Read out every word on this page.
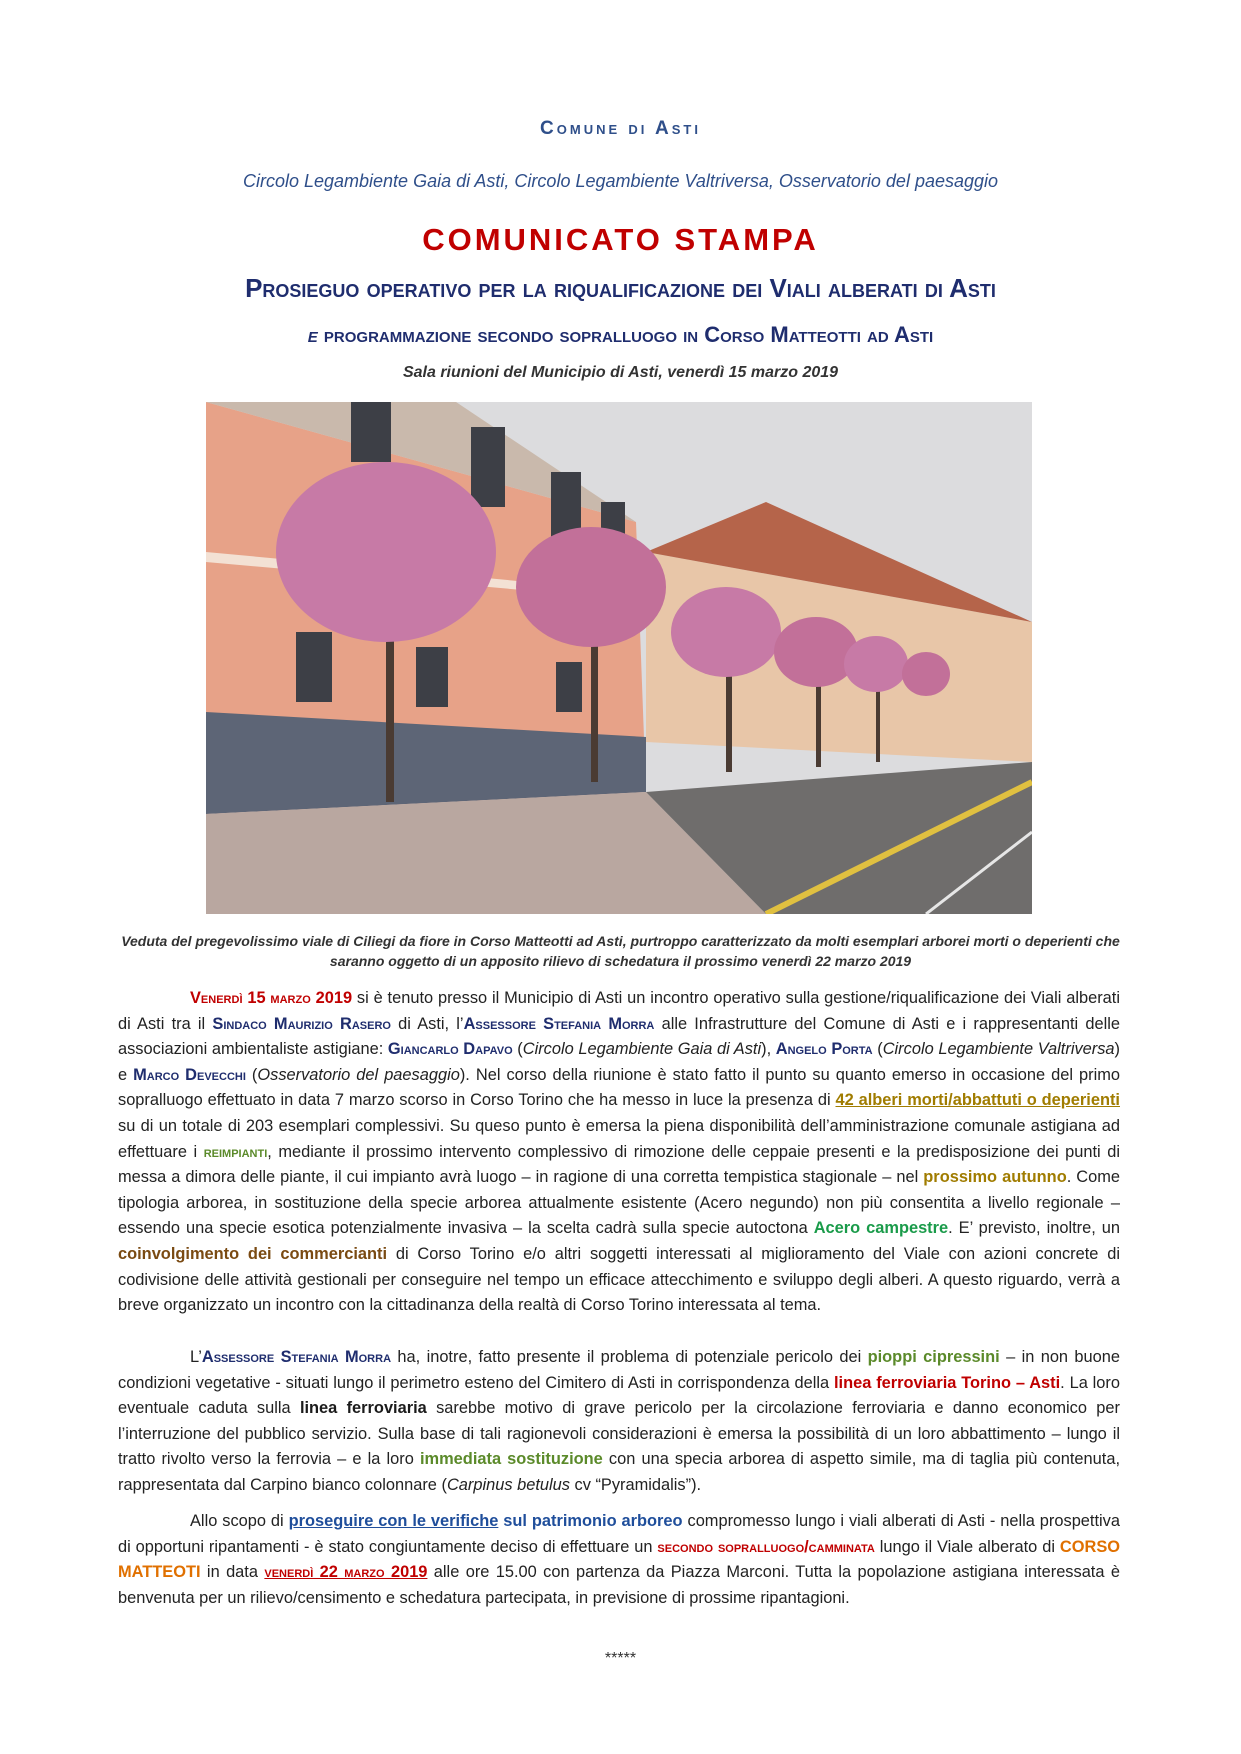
Comune di Asti
Circolo Legambiente Gaia di Asti, Circolo Legambiente Valtriversa, Osservatorio del paesaggio
COMUNICATO STAMPA
Prosieguo operativo per la riqualificazione dei Viali alberati di Asti
e programmazione secondo sopralluogo in Corso Matteotti ad Asti
Sala riunioni del Municipio di Asti, venerdì 15 marzo 2019
Veduta del pregevolissimo viale di Ciliegi da fiore in Corso Matteotti ad Asti, purtroppo caratterizzato da molti esemplari arborei morti o deperienti che saranno oggetto di un apposito rilievo di schedatura il prossimo venerdì 22 marzo 2019
Venerdì 15 marzo 2019 si è tenuto presso il Municipio di Asti un incontro operativo sulla gestione/riqualificazione dei Viali alberati di Asti tra il Sindaco Maurizio Rasero di Asti, l’Assessore Stefania Morra alle Infrastrutture del Comune di Asti e i rappresentanti delle associazioni ambientaliste astigiane: Giancarlo Dapavo (Circolo Legambiente Gaia di Asti), Angelo Porta (Circolo Legambiente Valtriversa) e Marco Devecchi (Osservatorio del paesaggio). Nel corso della riunione è stato fatto il punto su quanto emerso in occasione del primo sopralluogo effettuato in data 7 marzo scorso in Corso Torino che ha messo in luce la presenza di 42 alberi morti/abbattuti o deperienti su di un totale di 203 esemplari complessivi. Su queso punto è emersa la piena disponibilità dell’amministrazione comunale astigiana ad effettuare i reimpianti, mediante il prossimo intervento complessivo di rimozione delle ceppaie presenti e la predisposizione dei punti di messa a dimora delle piante, il cui impianto avrà luogo – in ragione di una corretta tempistica stagionale – nel prossimo autunno. Come tipologia arborea, in sostituzione della specie arborea attualmente esistente (Acero negundo) non più consentita a livello regionale – essendo una specie esotica potenzialmente invasiva – la scelta cadrà sulla specie autoctona Acero campestre. E’ previsto, inoltre, un coinvolgimento dei commercianti di Corso Torino e/o altri soggetti interessati al miglioramento del Viale con azioni concrete di codivisione delle attività gestionali per conseguire nel tempo un efficace attecchimento e sviluppo degli alberi. A questo riguardo, verrà a breve organizzato un incontro con la cittadinanza della realtà di Corso Torino interessata al tema.
L’Assessore Stefania Morra ha, inotre, fatto presente il problema di potenziale pericolo dei pioppi cipressini – in non buone condizioni vegetative - situati lungo il perimetro esteno del Cimitero di Asti in corrispondenza della linea ferroviaria Torino – Asti. La loro eventuale caduta sulla linea ferroviaria sarebbe motivo di grave pericolo per la circolazione ferroviaria e danno economico per l’interruzione del pubblico servizio. Sulla base di tali ragionevoli considerazioni è emersa la possibilità di un loro abbattimento – lungo il tratto rivolto verso la ferrovia – e la loro immediata sostituzione con una specia arborea di aspetto simile, ma di taglia più contenuta, rappresentata dal Carpino bianco colonnare (Carpinus betulus cv “Pyramidalis”).
Allo scopo di proseguire con le verifiche sul patrimonio arboreo compromesso lungo i viali alberati di Asti - nella prospettiva di opportuni ripantamenti - è stato congiuntamente deciso di effettuare un secondo sopralluogo/camminata lungo il Viale alberato di CORSO MATTEOTI in data venerdì 22 marzo 2019 alle ore 15.00 con partenza da Piazza Marconi. Tutta la popolazione astigiana interessata è benvenuta per un rilievo/censimento e schedatura partecipata, in previsione di prossime ripantagioni.
*****
